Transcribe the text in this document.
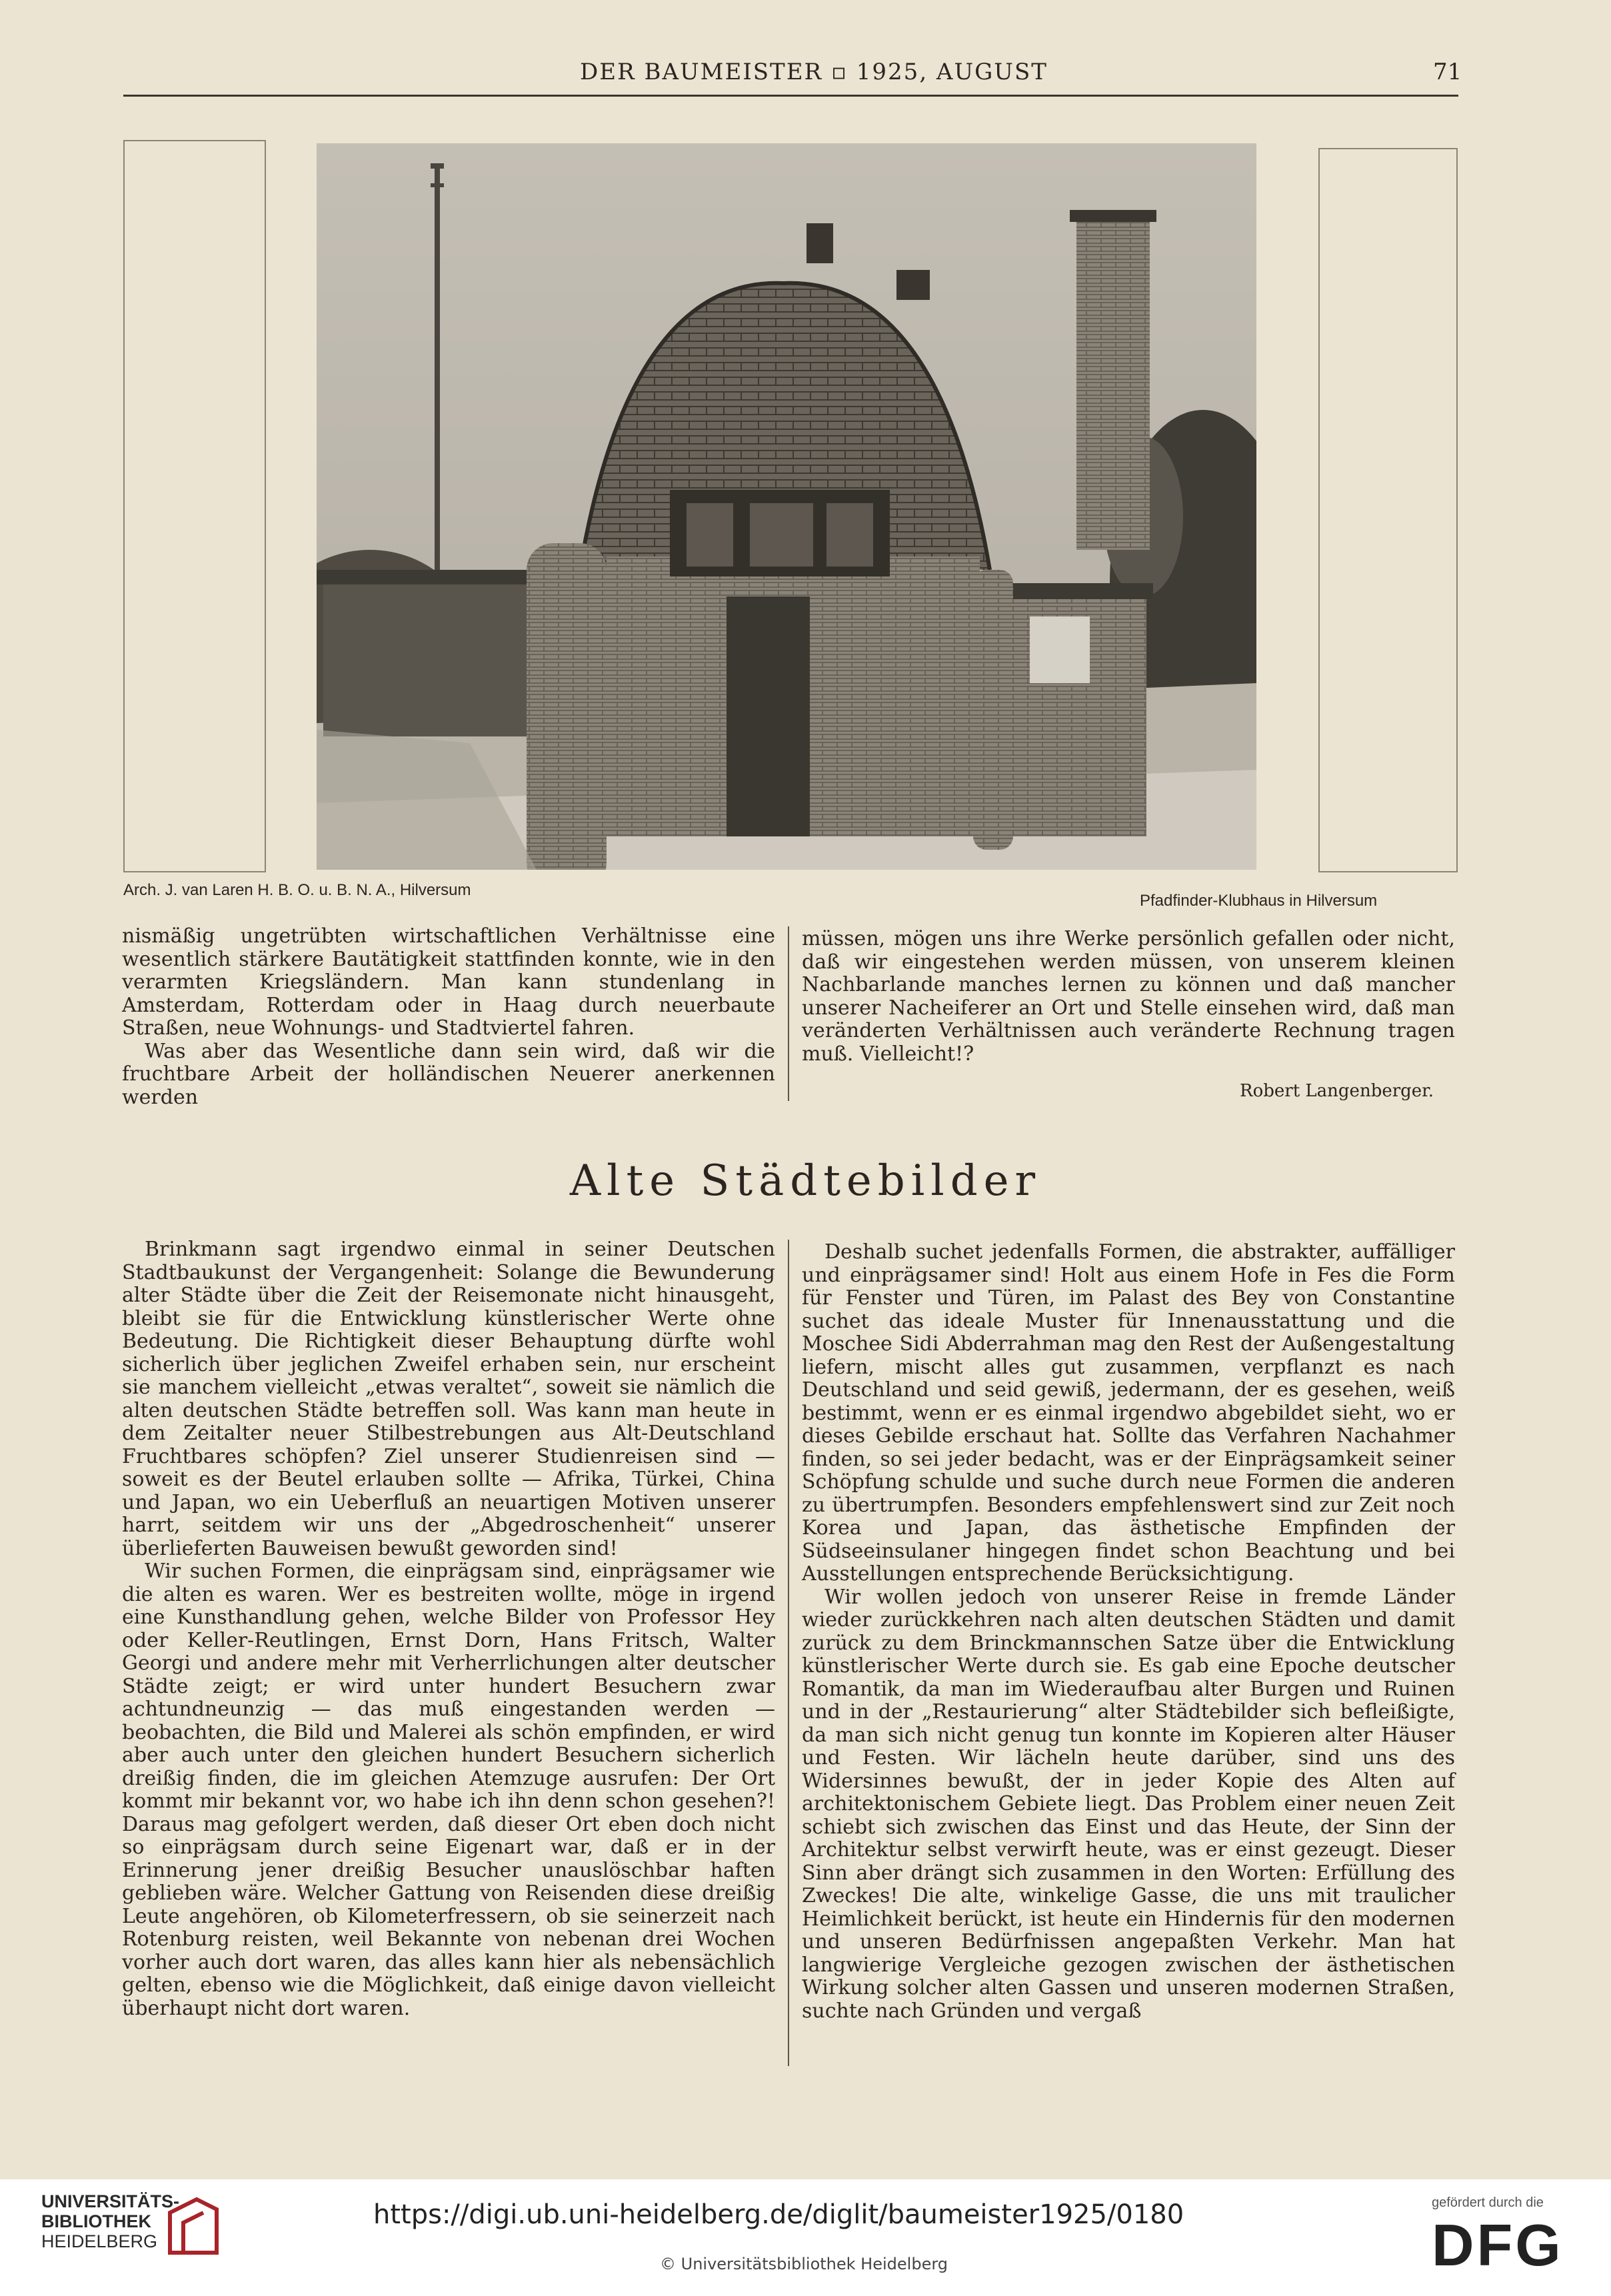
DER BAUMEISTER ▫ 1925, AUGUST	71
Arch. J. van Laren H. B. O. u. B. N. A., Hilversum
Pfadfinder-Klubhaus in Hilversum

nismäßig ungetrübten wirtschaftlichen Verhältnisse eine wesentlich stärkere Bautätigkeit stattfinden konnte, wie in den verarmten Kriegsländern. Man kann stundenlang in Amsterdam, Rotterdam oder in Haag durch neuerbaute Straßen, neue Wohnungs- und Stadtviertel fahren.

Was aber das Wesentliche dann sein wird, daß wir die fruchtbare Arbeit der holländischen Neuerer anerkennen werden

müssen, mögen uns ihre Werke persönlich gefallen oder nicht, daß wir eingestehen werden müssen, von unserem kleinen Nachbarlande manches lernen zu können und daß mancher unserer Nacheiferer an Ort und Stelle einsehen wird, daß man veränderten Verhältnissen auch veränderte Rechnung tragen muß. Vielleicht!?

Robert Langenberger.
Alte Städtebilder

Brinkmann sagt irgendwo einmal in seiner Deutschen Stadtbaukunst der Vergangenheit: Solange die Bewunderung alter Städte über die Zeit der Reisemonate nicht hinausgeht, bleibt sie für die Entwicklung künstlerischer Werte ohne Bedeutung. Die Richtigkeit dieser Behauptung dürfte wohl sicherlich über jeglichen Zweifel erhaben sein, nur erscheint sie manchem vielleicht „etwas veraltet“, soweit sie nämlich die alten deutschen Städte betreffen soll. Was kann man heute in dem Zeitalter neuer Stilbestrebungen aus Alt-Deutschland Fruchtbares schöpfen? Ziel unserer Studienreisen sind — soweit es der Beutel erlauben sollte — Afrika, Türkei, China und Japan, wo ein Ueberfluß an neuartigen Motiven unserer harrt, seitdem wir uns der „Abgedroschenheit“ unserer überlieferten Bauweisen bewußt geworden sind!

Wir suchen Formen, die einprägsam sind, einprägsamer wie die alten es waren. Wer es bestreiten wollte, möge in irgend eine Kunsthandlung gehen, welche Bilder von Professor Hey oder Keller-Reutlingen, Ernst Dorn, Hans Fritsch, Walter Georgi und andere mehr mit Verherrlichungen alter deutscher Städte zeigt; er wird unter hundert Besuchern zwar achtundneunzig — das muß eingestanden werden — beobachten, die Bild und Malerei als schön empfinden, er wird aber auch unter den gleichen hundert Besuchern sicherlich dreißig finden, die im gleichen Atemzuge ausrufen: Der Ort kommt mir bekannt vor, wo habe ich ihn denn schon gesehen?! Daraus mag gefolgert werden, daß dieser Ort eben doch nicht so einprägsam durch seine Eigenart war, daß er in der Erinnerung jener dreißig Besucher unauslöschbar haften geblieben wäre. Welcher Gattung von Reisenden diese dreißig Leute angehören, ob Kilometerfressern, ob sie seinerzeit nach Rotenburg reisten, weil Bekannte von nebenan drei Wochen vorher auch dort waren, das alles kann hier als nebensächlich gelten, ebenso wie die Möglichkeit, daß einige davon vielleicht überhaupt nicht dort waren.

Deshalb suchet jedenfalls Formen, die abstrakter, auffälliger und einprägsamer sind! Holt aus einem Hofe in Fes die Form für Fenster und Türen, im Palast des Bey von Constantine suchet das ideale Muster für Innenausstattung und die Moschee Sidi Abderrahman mag den Rest der Außengestaltung liefern, mischt alles gut zusammen, verpflanzt es nach Deutschland und seid gewiß, jedermann, der es gesehen, weiß bestimmt, wenn er es einmal irgendwo abgebildet sieht, wo er dieses Gebilde erschaut hat. Sollte das Verfahren Nachahmer finden, so sei jeder bedacht, was er der Einprägsamkeit seiner Schöpfung schulde und suche durch neue Formen die anderen zu übertrumpfen. Besonders empfehlenswert sind zur Zeit noch Korea und Japan, das ästhetische Empfinden der Südseeinsulaner hingegen findet schon Beachtung und bei Ausstellungen entsprechende Berücksichtigung.

Wir wollen jedoch von unserer Reise in fremde Länder wieder zurückkehren nach alten deutschen Städten und damit zurück zu dem Brinckmannschen Satze über die Entwicklung künstlerischer Werte durch sie. Es gab eine Epoche deutscher Romantik, da man im Wiederaufbau alter Burgen und Ruinen und in der „Restaurierung“ alter Städtebilder sich befleißigte, da man sich nicht genug tun konnte im Kopieren alter Häuser und Festen. Wir lächeln heute darüber, sind uns des Widersinnes bewußt, der in jeder Kopie des Alten auf architektonischem Gebiete liegt. Das Problem einer neuen Zeit schiebt sich zwischen das Einst und das Heute, der Sinn der Architektur selbst verwirft heute, was er einst gezeugt. Dieser Sinn aber drängt sich zusammen in den Worten: Erfüllung des Zweckes! Die alte, winkelige Gasse, die uns mit traulicher Heimlichkeit berückt, ist heute ein Hindernis für den modernen und unseren Bedürfnissen angepaßten Verkehr. Man hat langwierige Vergleiche gezogen zwischen der ästhetischen Wirkung solcher alten Gassen und unseren modernen Straßen, suchte nach Gründen und vergaß

UNIVERSITÄTS-
BIBLIOTHEK
HEIDELBERG
https://digi.ub.uni-heidelberg.de/diglit/baumeister1925/0180
© Universitätsbibliothek Heidelberg
gefördert durch die
DFG
